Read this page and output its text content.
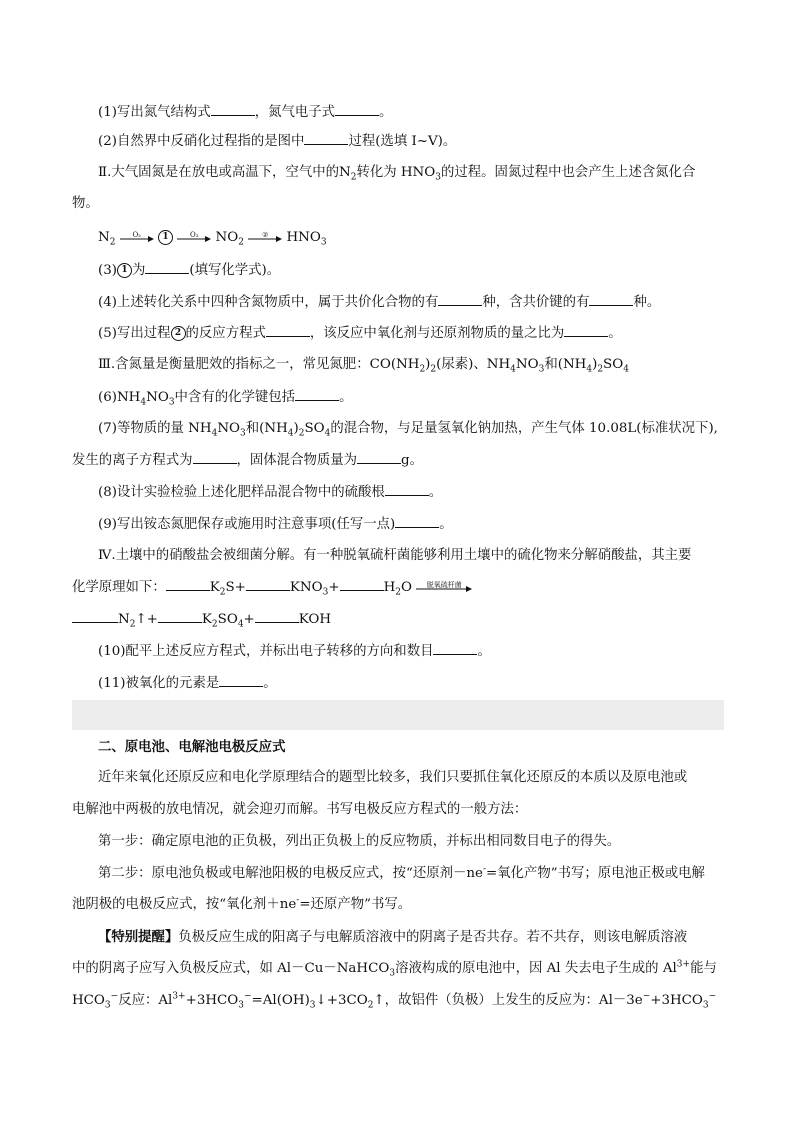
(1)写出氮气结构式	，氮气电子式	。
(2)自然界中反硝化过程指的是图中	过程(选填 Ⅰ~Ⅴ)。
Ⅱ.大气固氮是在放电或高温下，空气中的$N_2$转化为 $HNO_3$的过程。固氮过程中也会产生上述含氮化合
物。
$N_2$
O₂	1	O₂	$NO_2$
②	$HNO_3$
(3) 1 为	(填写化学式)。
(4)上述转化关系中四种含氮物质中，属于共价化合物的有	种，含共价键的有	种。
(5)写出过程 2 的反应方程式	，该反应中氧化剂与还原剂物质的量之比为	。
Ⅲ.含氮量是衡量肥效的指标之一，常见氮肥：$CO(NH_2)_2$(尿素)、$NH_4NO_3$和$(NH_4)_2SO_4$
$(6)NH_4NO_3$中含有的化学键包括	。
(7)等物质的量 $NH_4NO_3$和$(NH_4)_2SO_4$的混合物，与足量氢氧化钠加热，产生气体 10.08L(标准状况下),
发生的离子方程式为	，固体混合物质量为	g。
(8)设计实验检验上述化肥样品混合物中的硫酸根	。
(9)写出铵态氮肥保存或施用时注意事项(任写一点)	。
Ⅳ.土壤中的硝酸盐会被细菌分解。有一种脱氧硫杆菌能够利用土壤中的硫化物来分解硝酸盐，其主要
化学原理如下：	$K_2S+$	$KNO_3+$	$H_2O$	脱氧硫杆菌
$N_2↑+$	$K_2SO_4+$	KOH
(10)配平上述反应方程式，并标出电子转移的方向和数目	。
(11)被氧化的元素是	。
二、原电池、电解池电极反应式
近年来氧化还原反应和电化学原理结合的题型比较多，我们只要抓住氧化还原反的本质以及原电池或
电解池中两极的放电情况，就会迎刃而解。书写电极反应方程式的一般方法：
第一步：确定原电池的正负极，列出正负极上的反应物质，并标出相同数目电子的得失。
第二步：原电池负极或电解池阳极的电极反应式，按“还原剂－ne-=氧化产物”书写；原电池正极或电解
池阴极的电极反应式，按“氧化剂＋ne-=还原产物”书写。
【特别提醒】负极反应生成的阳离子与电解质溶液中的阴离子是否共存。若不共存，则该电解质溶液
中的阴离子应写入负极反应式，如 Al－Cu－NaHCO$_3$溶液构成的原电池中，因 Al 失去电子生成的 $Al^{3+}$能与
$HCO_3^-$反应：$Al^{3+}+3HCO_3^-=Al(OH)_3↓+3CO_2↑$，故铝件（负极）上发生的反应为：$Al-3e^-+3HCO_3^-$
